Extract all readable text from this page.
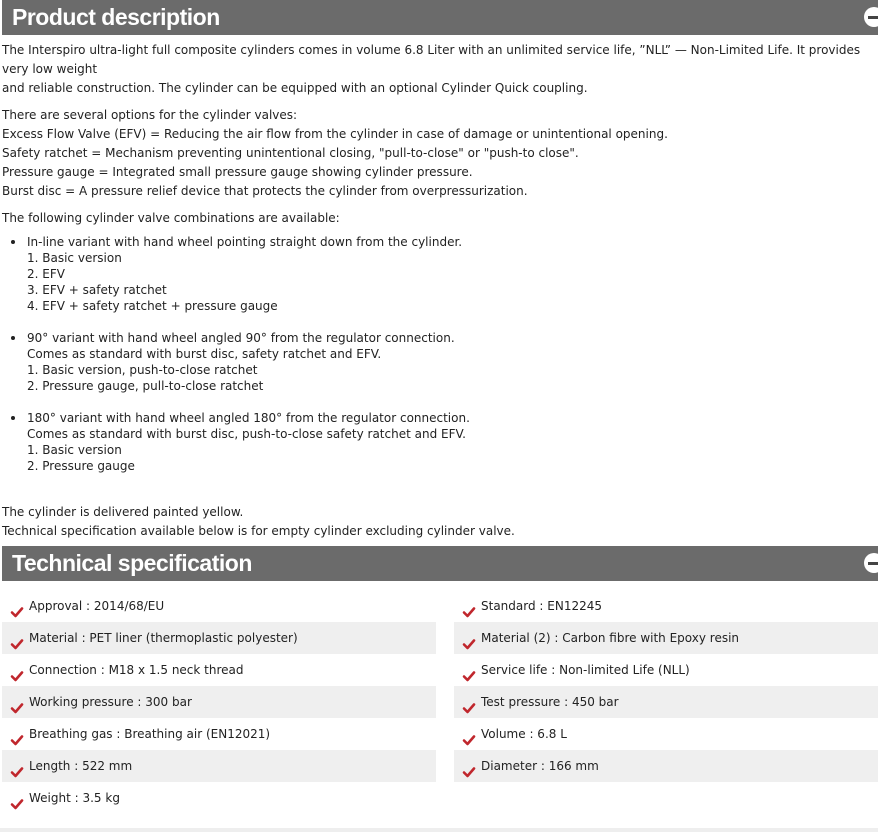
Product description

The Interspiro ultra-light full composite cylinders comes in volume 6.8 Liter with an unlimited service life, ”NLL” — Non-Limited Life. It provides very low weight

and reliable construction. The cylinder can be equipped with an optional Cylinder Quick coupling.

There are several options for the cylinder valves:

Excess Flow Valve (EFV) = Reducing the air flow from the cylinder in case of damage or unintentional opening.

Safety ratchet = Mechanism preventing unintentional closing, "pull-to-close" or "push-to close".

Pressure gauge = Integrated small pressure gauge showing cylinder pressure.

Burst disc = A pressure relief device that protects the cylinder from overpressurization.

The following cylinder valve combinations are available:

In-line variant with hand wheel pointing straight down from the cylinder.
1. Basic version
2. EFV
3. EFV + safety ratchet
4. EFV + safety ratchet + pressure gauge
90° variant with hand wheel angled 90° from the regulator connection.
Comes as standard with burst disc, safety ratchet and EFV.
1. Basic version, push-to-close ratchet
2. Pressure gauge, pull-to-close ratchet
180° variant with hand wheel angled 180° from the regulator connection.
Comes as standard with burst disc, push-to-close safety ratchet and EFV.
1. Basic version
2. Pressure gauge

The cylinder is delivered painted yellow.

Technical specification available below is for empty cylinder excluding cylinder valve.

Technical specification
Approval : 2014/68/EU
Material : PET liner (thermoplastic polyester)
Connection : M18 x 1.5 neck thread
Working pressure : 300 bar
Breathing gas : Breathing air (EN12021)
Length : 522 mm
Weight : 3.5 kg
Standard : EN12245
Material (2) : Carbon fibre with Epoxy resin
Service life : Non-limited Life (NLL)
Test pressure : 450 bar
Volume : 6.8 L
Diameter : 166 mm
